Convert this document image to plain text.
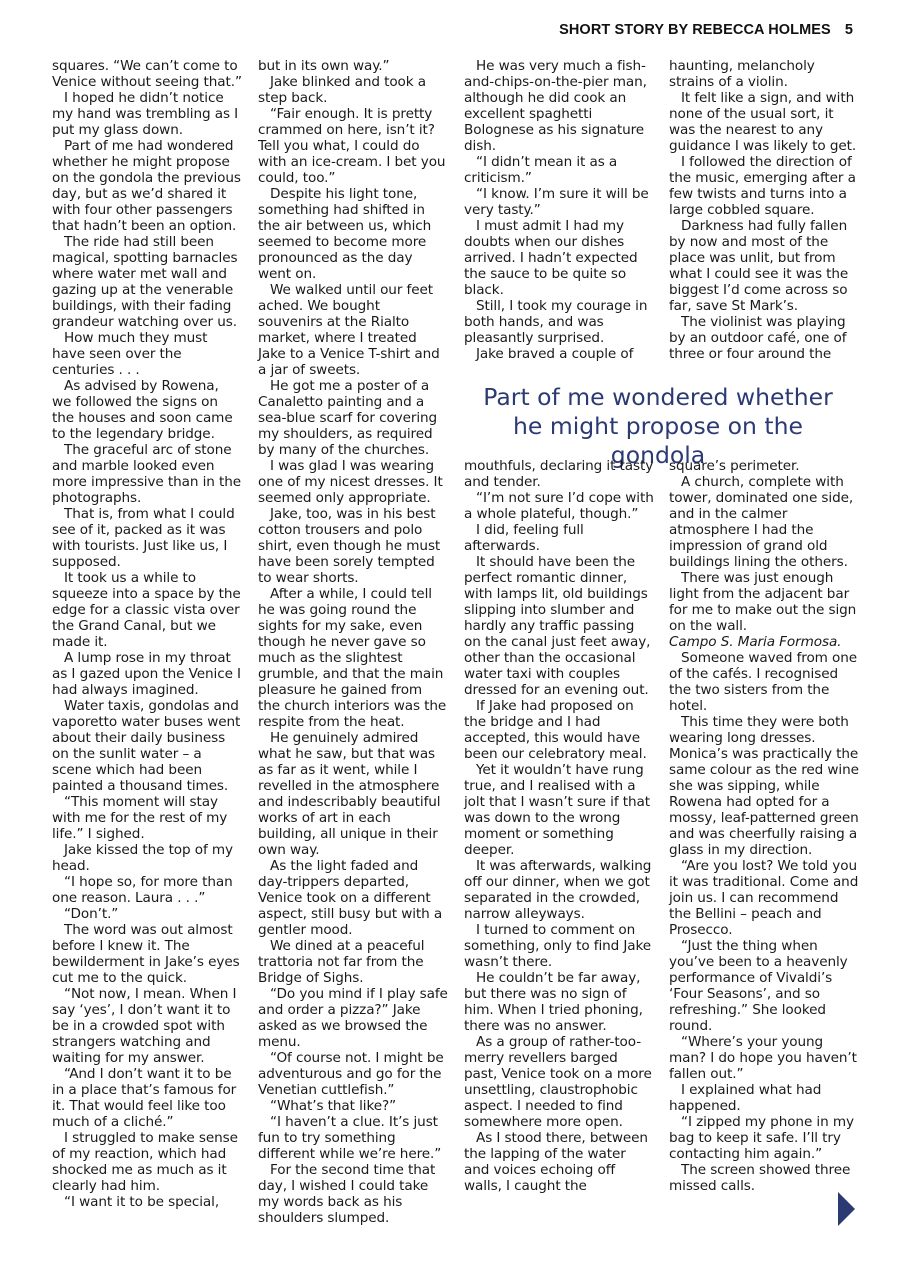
SHORT STORY BY REBECCA HOLMES 5

squares. “We can’t come to Venice without seeing that.”

I hoped he didn’t notice my hand was trembling as I put my glass down.

Part of me had wondered whether he might propose on the gondola the previous day, but as we’d shared it with four other passengers that hadn’t been an option.

The ride had still been magical, spotting barnacles where water met wall and gazing up at the venerable buildings, with their fading grandeur watching over us.

How much they must have seen over the centuries . . .

As advised by Rowena, we followed the signs on the houses and soon came to the legendary bridge.

The graceful arc of stone and marble looked even more impressive than in the photographs.

That is, from what I could see of it, packed as it was with tourists. Just like us, I supposed.

It took us a while to squeeze into a space by the edge for a classic vista over the Grand Canal, but we made it.

A lump rose in my throat as I gazed upon the Venice I had always imagined.

Water taxis, gondolas and vaporetto water buses went about their daily business on the sunlit water – a scene which had been painted a thousand times.

“This moment will stay with me for the rest of my life.” I sighed.

Jake kissed the top of my head.

“I hope so, for more than one reason. Laura . . .”

“Don’t.”

The word was out almost before I knew it. The bewilderment in Jake’s eyes cut me to the quick.

“Not now, I mean. When I say ‘yes’, I don’t want it to be in a crowded spot with strangers watching and waiting for my answer.

“And I don’t want it to be in a place that’s famous for it. That would feel like too much of a cliché.”

I struggled to make sense of my reaction, which had shocked me as much as it clearly had him.

“I want it to be special,

but in its own way.”

Jake blinked and took a step back.

“Fair enough. It is pretty crammed on here, isn’t it? Tell you what, I could do with an ice-cream. I bet you could, too.”

Despite his light tone, something had shifted in the air between us, which seemed to become more pronounced as the day went on.

We walked until our feet ached. We bought souvenirs at the Rialto market, where I treated Jake to a Venice T-shirt and a jar of sweets.

He got me a poster of a Canaletto painting and a sea-blue scarf for covering my shoulders, as required by many of the churches.

I was glad I was wearing one of my nicest dresses. It seemed only appropriate.

Jake, too, was in his best cotton trousers and polo shirt, even though he must have been sorely tempted to wear shorts.

After a while, I could tell he was going round the sights for my sake, even though he never gave so much as the slightest grumble, and that the main pleasure he gained from the church interiors was the respite from the heat.

He genuinely admired what he saw, but that was as far as it went, while I revelled in the atmosphere and indescribably beautiful works of art in each building, all unique in their own way.

As the light faded and day-trippers departed, Venice took on a different aspect, still busy but with a gentler mood.

We dined at a peaceful trattoria not far from the Bridge of Sighs.

“Do you mind if I play safe and order a pizza?” Jake asked as we browsed the menu.

“Of course not. I might be adventurous and go for the Venetian cuttlefish.”

“What’s that like?”

“I haven’t a clue. It’s just fun to try something different while we’re here.”

For the second time that day, I wished I could take my words back as his shoulders slumped.

He was very much a fish-and-chips-on-the-pier man, although he did cook an excellent spaghetti Bolognese as his signature dish.

“I didn’t mean it as a criticism.”

“I know. I’m sure it will be very tasty.”

I must admit I had my doubts when our dishes arrived. I hadn’t expected the sauce to be quite so black.

Still, I took my courage in both hands, and was pleasantly surprised.

Jake braved a couple of

haunting, melancholy strains of a violin.

It felt like a sign, and with none of the usual sort, it was the nearest to any guidance I was likely to get.

I followed the direction of the music, emerging after a few twists and turns into a large cobbled square.

Darkness had fully fallen by now and most of the place was unlit, but from what I could see it was the biggest I’d come across so far, save St Mark’s.

The violinist was playing by an outdoor café, one of three or four around the

Part of me wondered whether he might propose on the gondola

mouthfuls, declaring it tasty and tender.

“I’m not sure I’d cope with a whole plateful, though.”

I did, feeling full afterwards.

It should have been the perfect romantic dinner, with lamps lit, old buildings slipping into slumber and hardly any traffic passing on the canal just feet away, other than the occasional water taxi with couples dressed for an evening out.

If Jake had proposed on the bridge and I had accepted, this would have been our celebratory meal.

Yet it wouldn’t have rung true, and I realised with a jolt that I wasn’t sure if that was down to the wrong moment or something deeper.

It was afterwards, walking off our dinner, when we got separated in the crowded, narrow alleyways.

I turned to comment on something, only to find Jake wasn’t there.

He couldn’t be far away, but there was no sign of him. When I tried phoning, there was no answer.

As a group of rather-too-merry revellers barged past, Venice took on a more unsettling, claustrophobic aspect. I needed to find somewhere more open.

As I stood there, between the lapping of the water and voices echoing off walls, I caught the

square’s perimeter.

A church, complete with tower, dominated one side, and in the calmer atmosphere I had the impression of grand old buildings lining the others.

There was just enough light from the adjacent bar for me to make out the sign on the wall.

Campo S. Maria Formosa.

Someone waved from one of the cafés. I recognised the two sisters from the hotel.

This time they were both wearing long dresses. Monica’s was practically the same colour as the red wine she was sipping, while Rowena had opted for a mossy, leaf-patterned green and was cheerfully raising a glass in my direction.

“Are you lost? We told you it was traditional. Come and join us. I can recommend the Bellini – peach and Prosecco.

“Just the thing when you’ve been to a heavenly performance of Vivaldi’s ‘Four Seasons’, and so refreshing.” She looked round.

“Where’s your young man? I do hope you haven’t fallen out.”

I explained what had happened.

“I zipped my phone in my bag to keep it safe. I’ll try contacting him again.”

The screen showed three missed calls.
